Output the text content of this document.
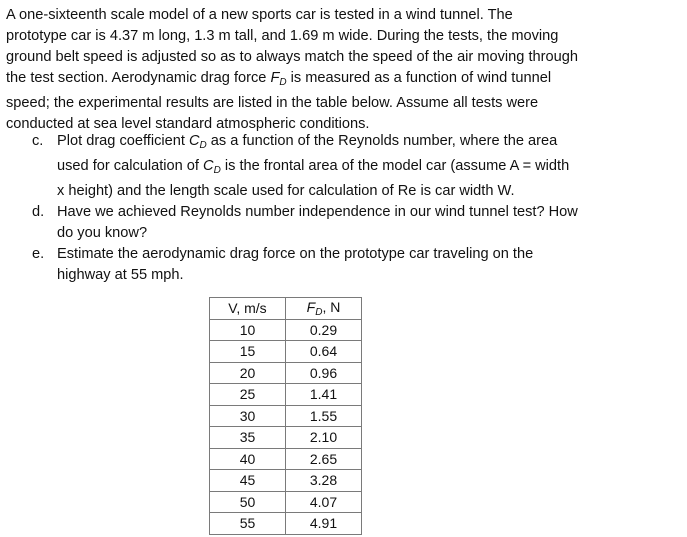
A one-sixteenth scale model of a new sports car is tested in a wind tunnel. The
prototype car is 4.37 m long, 1.3 m tall, and 1.69 m wide. During the tests, the moving
ground belt speed is adjusted so as to always match the speed of the air moving through
the test section. Aerodynamic drag force $F_D$ is measured as a function of wind tunnel
speed; the experimental results are listed in the table below. Assume all tests were
conducted at sea level standard atmospheric conditions.
c. Plot drag coefficient $C_D$ as a function of the Reynolds number, where the area
used for calculation of $C_D$ is the frontal area of the model car (assume A = width
x height) and the length scale used for calculation of Re is car width W.
d. Have we achieved Reynolds number independence in our wind tunnel test? How
do you know?
e. Estimate the aerodynamic drag force on the prototype car traveling on the
highway at 55 mph.
V, m/s	$F_D$, N
10	0.29
15	0.64
20	0.96
25	1.41
30	1.55
35	2.10
40	2.65
45	3.28
50	4.07
55	4.91
